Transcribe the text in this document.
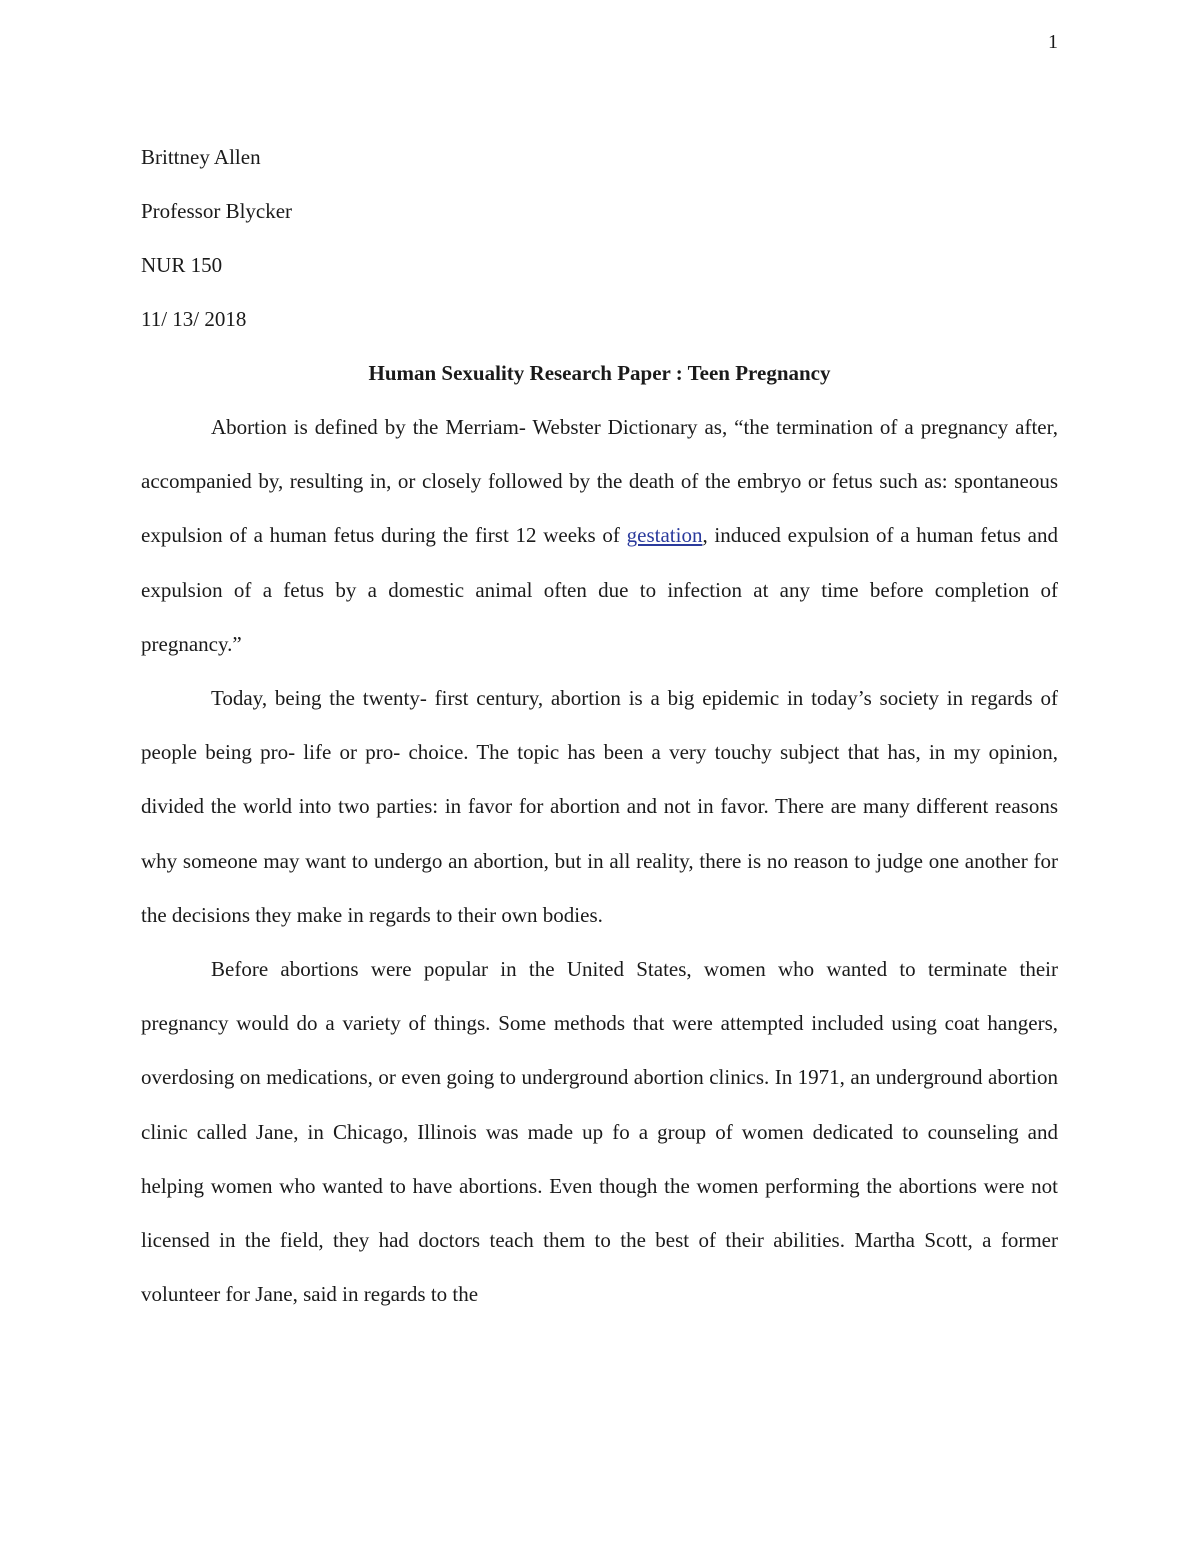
1
Brittney Allen
Professor Blycker
NUR 150
11/ 13/ 2018
Human Sexuality Research Paper : Teen Pregnancy

Abortion is defined by the Merriam- Webster Dictionary as, “the termination of a pregnancy after, accompanied by, resulting in, or closely followed by the death of the embryo or fetus such as: spontaneous expulsion of a human fetus during the first 12 weeks of gestation, induced expulsion of a human fetus and expulsion of a fetus by a domestic animal often due to infection at any time before completion of pregnancy.”

Today, being the twenty- first century, abortion is a big epidemic in today’s society in regards of people being pro- life or pro- choice. The topic has been a very touchy subject that has, in my opinion, divided the world into two parties: in favor for abortion and not in favor. There are many different reasons why someone may want to undergo an abortion, but in all reality, there is no reason to judge one another for the decisions they make in regards to their own bodies.

Before abortions were popular in the United States, women who wanted to terminate their pregnancy would do a variety of things. Some methods that were attempted included using coat hangers, overdosing on medications, or even going to underground abortion clinics. In 1971, an underground abortion clinic called Jane, in Chicago, Illinois was made up fo a group of women dedicated to counseling and helping women who wanted to have abortions. Even though the women performing the abortions were not licensed in the field, they had doctors teach them to the best of their abilities. Martha Scott, a former volunteer for Jane, said in regards to the
